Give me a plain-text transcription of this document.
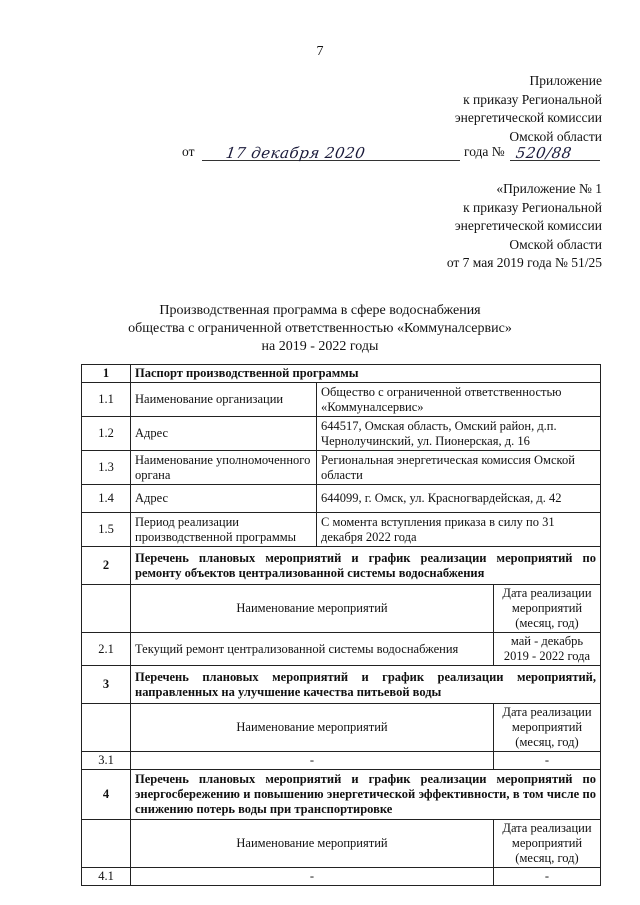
7
Приложение
к приказу Региональной
энергетической комиссии
Омской области
от 17 декабря 2020	года № 520/88
«Приложение № 1
к приказу Региональной
энергетической комиссии
Омской области
от 7 мая 2019 года № 51/25
Производственная программа в сфере водоснабжения
общества с ограниченной ответственностью «Коммуналсервис»
на 2019 - 2022 годы
1	Паспорт производственной программы		
1.1	Наименование организации	Общество с ограниченной ответственностью «Коммуналсервис»	
1.2	Адрес	644517, Омская область, Омский район, д.п. Чернолучинский, ул. Пионерская, д. 16	
1.3	Наименование уполномоченного органа	Региональная энергетическая комиссия Омской области	
1.4	Адрес	644099, г. Омск, ул. Красногвардейская, д. 42	
1.5	Период реализации производственной программы	С момента вступления приказа в силу по 31 декабря 2022 года	
2	Перечень плановых мероприятий и график реализации мероприятий по ремонту объектов централизованной системы водоснабжения		
	Наименование мероприятий		Дата реализации мероприятий (месяц, год)
2.1	Текущий ремонт централизованной системы водоснабжения		май - декабрь 2019 - 2022 года
3	Перечень плановых мероприятий и график реализации мероприятий, направленных на улучшение качества питьевой воды		
	Наименование мероприятий		Дата реализации мероприятий (месяц, год)
3.1	-		-
4	Перечень плановых мероприятий и график реализации мероприятий по энергосбережению и повышению энергетической эффективности, в том числе по снижению потерь воды при транспортировке		
	Наименование мероприятий		Дата реализации мероприятий (месяц, год)
4.1	-		-
